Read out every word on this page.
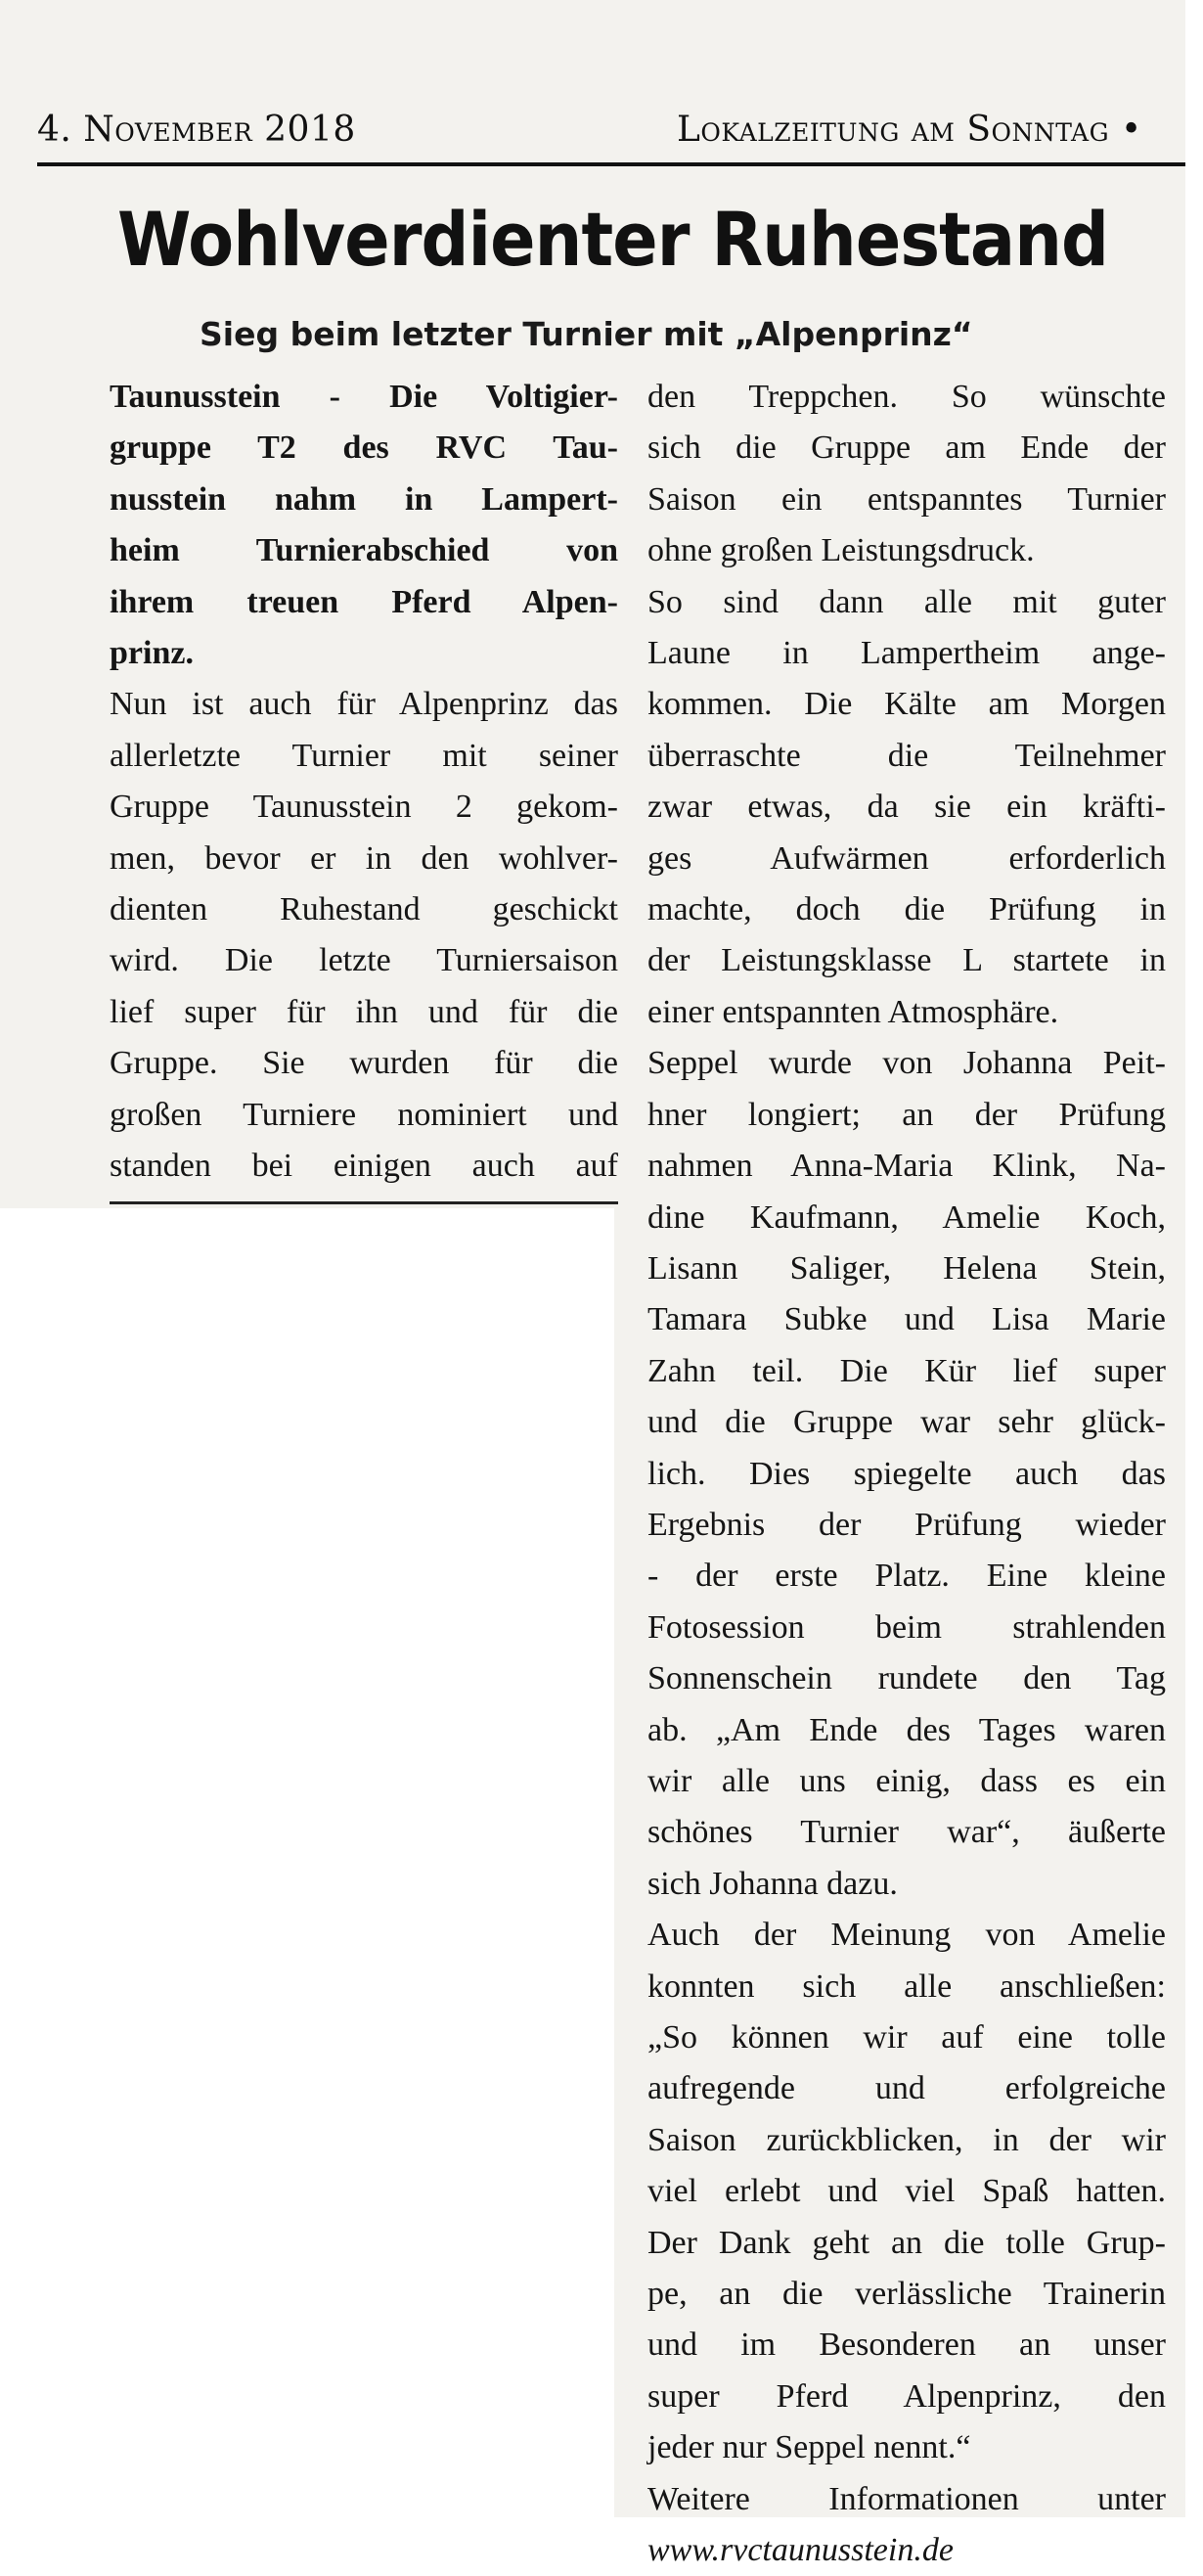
4. November 2018	Lokalzeitung am Sonntag •
Wohlverdienter Ruhestand
Sieg beim letzter Turnier mit „Alpenprinz“

Taunusstein - Die Voltigier-
gruppe T2 des RVC Tau-
nusstein nahm in Lampert-
heim Turnierabschied von
ihrem treuen Pferd Alpen-
prinz.

Nun ist auch für Alpenprinz das
allerletzte Turnier mit seiner
Gruppe Taunusstein 2 gekom-
men, bevor er in den wohlver-
dienten Ruhestand geschickt
wird. Die letzte Turniersaison
lief super für ihn und für die
Gruppe. Sie wurden für die
großen Turniere nominiert und
standen bei einigen auch auf

den Treppchen. So wünschte
sich die Gruppe am Ende der
Saison ein entspanntes Turnier
ohne großen Leistungsdruck.
So sind dann alle mit guter
Laune in Lampertheim ange-
kommen. Die Kälte am Morgen
überraschte die Teilnehmer
zwar etwas, da sie ein kräfti-
ges Aufwärmen erforderlich
machte, doch die Prüfung in
der Leistungsklasse L startete in
einer entspannten Atmosphäre.
Seppel wurde von Johanna Peit-
hner longiert; an der Prüfung
nahmen Anna-Maria Klink, Na-
dine Kaufmann, Amelie Koch,
Lisann Saliger, Helena Stein,
Tamara Subke und Lisa Marie
Zahn teil. Die Kür lief super
und die Gruppe war sehr glück-
lich. Dies spiegelte auch das
Ergebnis der Prüfung wieder
- der erste Platz. Eine kleine
Fotosession beim strahlenden
Sonnenschein rundete den Tag
ab. „Am Ende des Tages waren
wir alle uns einig, dass es ein
schönes Turnier war“, äußerte
sich Johanna dazu.

Auch der Meinung von Amelie
konnten sich alle anschließen:
„So können wir auf eine tolle
aufregende und erfolgreiche
Saison zurückblicken, in der wir
viel erlebt und viel Spaß hatten.
Der Dank geht an die tolle Grup-
pe, an die verlässliche Trainerin
und im Besonderen an unser
super Pferd Alpenprinz, den
jeder nur Seppel nennt.“
Weitere Informationen unter
www.rvctaunusstein.de
